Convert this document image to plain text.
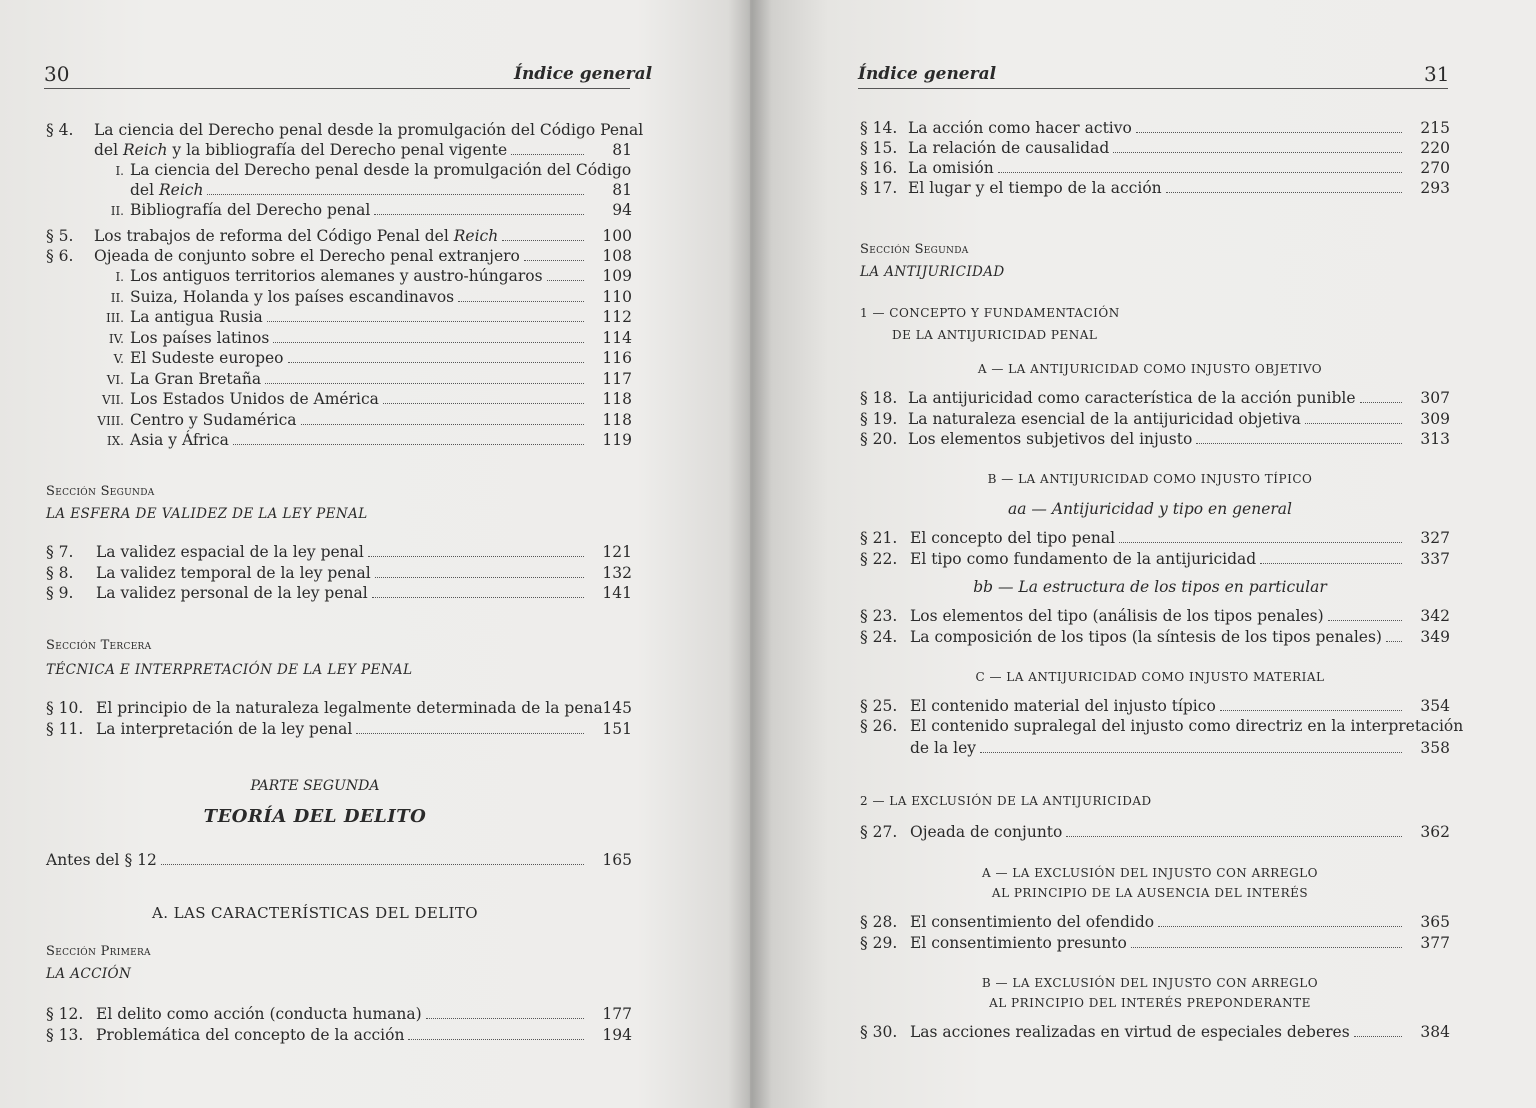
30	Índice general
§ 4. La ciencia del Derecho penal desde la promulgación del Código Penal
del Reich y la bibliografía del Derecho penal vigente	81
I. La ciencia del Derecho penal desde la promulgación del Código
del Reich	81
II. Bibliografía del Derecho penal	94
§ 5. Los trabajos de reforma del Código Penal del Reich	100
§ 6. Ojeada de conjunto sobre el Derecho penal extranjero	108
I. Los antiguos territorios alemanes y austro-húngaros	109
II. Suiza, Holanda y los países escandinavos	110
III. La antigua Rusia	112
IV. Los países latinos	114
V. El Sudeste europeo	116
VI. La Gran Bretaña	117
VII. Los Estados Unidos de América	118
VIII. Centro y Sudamérica	118
IX. Asia y África	119
Sección Segunda
LA ESFERA DE VALIDEZ DE LA LEY PENAL
§ 7. La validez espacial de la ley penal	121
§ 8. La validez temporal de la ley penal	132
§ 9. La validez personal de la ley penal	141
Sección Tercera
TÉCNICA E INTERPRETACIÓN DE LA LEY PENAL
§ 10. El principio de la naturaleza legalmente determinada de la pena 145
§ 11. La interpretación de la ley penal	151
PARTE SEGUNDA
TEORÍA DEL DELITO
Antes del § 12	165
A. LAS CARACTERÍSTICAS DEL DELITO
Sección Primera
LA ACCIÓN
§ 12. El delito como acción (conducta humana)	177
§ 13. Problemática del concepto de la acción	194
Índice general	31
§ 14. La acción como hacer activo	215
§ 15. La relación de causalidad	220
§ 16. La omisión	270
§ 17. El lugar y el tiempo de la acción	293
Sección Segunda
LA ANTIJURICIDAD
1 — CONCEPTO Y FUNDAMENTACIÓN
DE LA ANTIJURICIDAD PENAL
A — LA ANTIJURICIDAD COMO INJUSTO OBJETIVO
§ 18. La antijuricidad como característica de la acción punible	307
§ 19. La naturaleza esencial de la antijuricidad objetiva	309
§ 20. Los elementos subjetivos del injusto	313
B — LA ANTIJURICIDAD COMO INJUSTO TÍPICO
aa — Antijuricidad y tipo en general
§ 21. El concepto del tipo penal	327
§ 22. El tipo como fundamento de la antijuricidad	337
bb — La estructura de los tipos en particular
§ 23. Los elementos del tipo (análisis de los tipos penales)	342
§ 24. La composición de los tipos (la síntesis de los tipos penales)	349
C — LA ANTIJURICIDAD COMO INJUSTO MATERIAL
§ 25. El contenido material del injusto típico	354
§ 26. El contenido supralegal del injusto como directriz en la interpretación
de la ley	358
2 — LA EXCLUSIÓN DE LA ANTIJURICIDAD
§ 27. Ojeada de conjunto	362
A — LA EXCLUSIÓN DEL INJUSTO CON ARREGLO
AL PRINCIPIO DE LA AUSENCIA DEL INTERÉS
§ 28. El consentimiento del ofendido	365
§ 29. El consentimiento presunto	377
B — LA EXCLUSIÓN DEL INJUSTO CON ARREGLO
AL PRINCIPIO DEL INTERÉS PREPONDERANTE
§ 30. Las acciones realizadas en virtud de especiales deberes	384
